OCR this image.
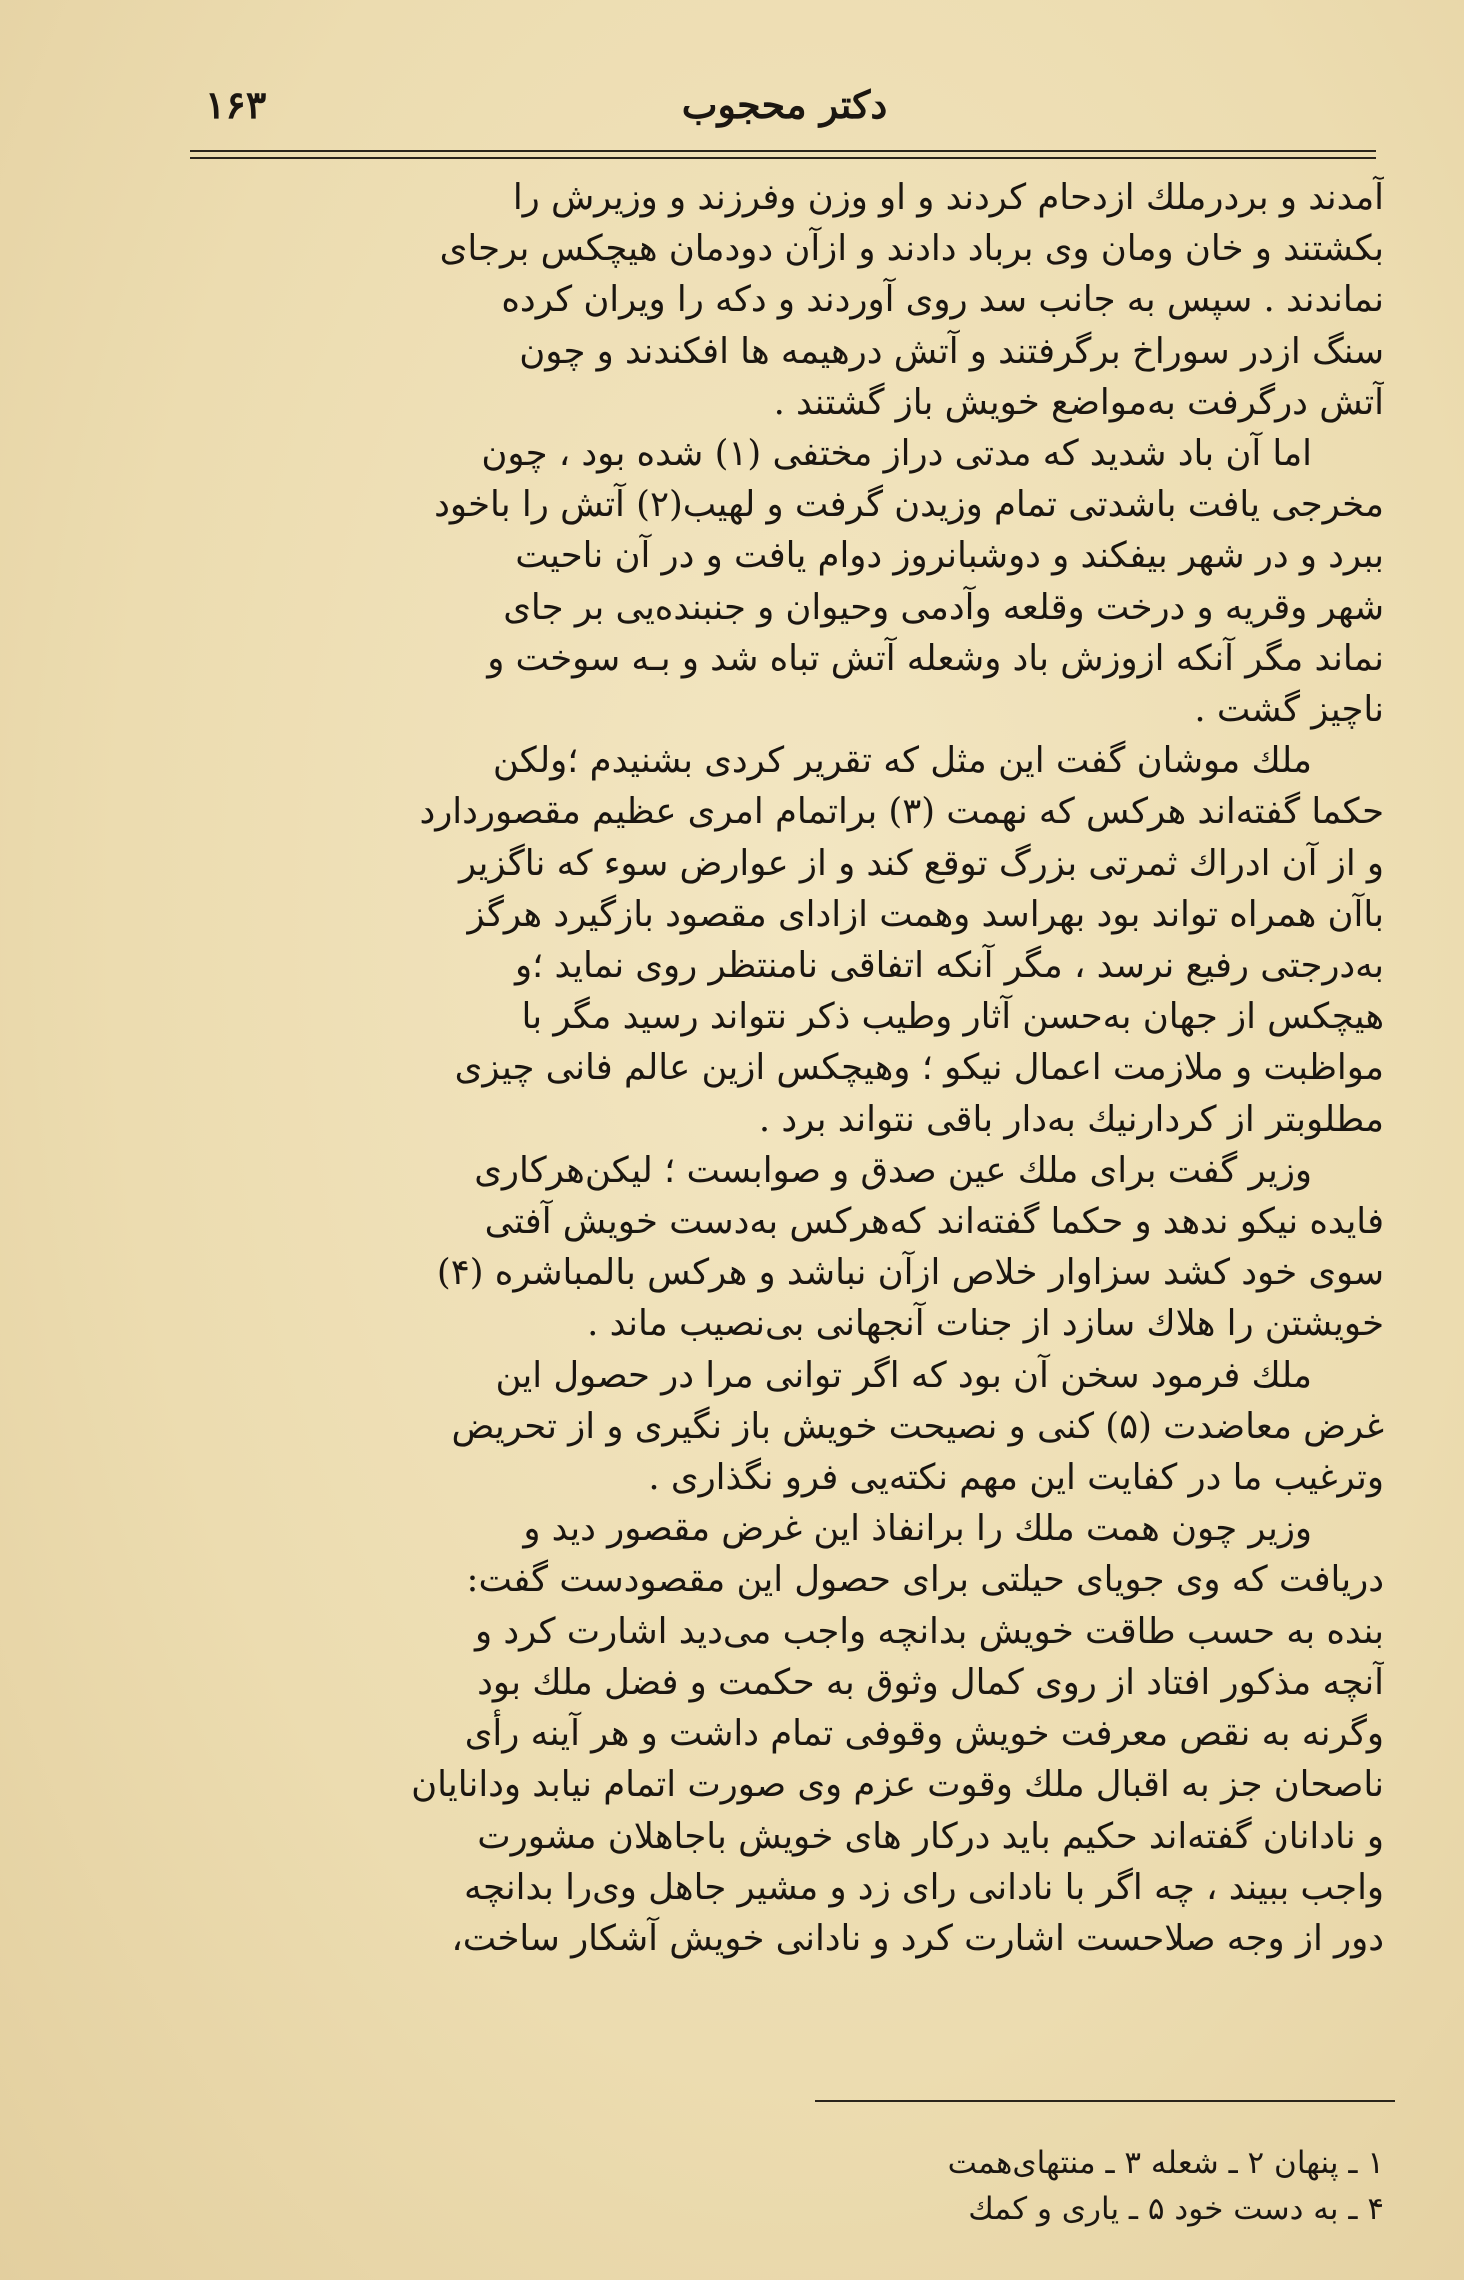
۱۶۳	دکتر محجوب

آمدند و بردرملك ازدحام کردند و او وزن وفرزند و وزیرش را
بکشتند و خان ومان وی برباد دادند و ازآن دودمان هیچکس برجای
نماندند . سپس به جانب سد روی آوردند و دکه را ویران کرده
سنگ ازدر سوراخ برگرفتند و آتش درهیمه ها افکندند و چون
آتش درگرفت به‌مواضع خویش باز گشتند .

اما آن باد شدید که مدتی دراز مختفی (۱) شده بود ، چون
مخرجی یافت باشدتی تمام وزیدن گرفت و لهیب(۲) آتش را باخود
ببرد و در شهر بیفکند و دوشبانروز دوام یافت و در آن ناحیت
شهر وقریه و درخت وقلعه وآدمی وحیوان و جنبنده‌یی بر جای
نماند مگر آنکه ازوزش باد وشعله آتش تباه شد و بـه سوخت و
ناچیز گشت .

ملك موشان گفت این مثل که تقریر کردی بشنیدم ؛ولکن
حکما گفته‌اند هرکس که نهمت (۳) براتمام امری عظیم مقصوردارد
و از آن ادراك ثمرتی بزرگ توقع کند و از عوارض سوء که ناگزیر
باآن همراه تواند بود بهراسد وهمت ازادای مقصود بازگیرد هرگز
به‌درجتی رفیع نرسد ، مگر آنکه اتفاقی نامنتظر روی نماید ؛و
هیچکس از جهان به‌حسن آثار وطیب ذکر نتواند رسید مگر با
مواظبت و ملازمت اعمال نیکو ؛ وهیچکس ازین عالم فانی چیزی
مطلوبتر از کردارنیك به‌دار باقی نتواند برد .

وزیر گفت برای ملك عین صدق و صوابست ؛ لیکن‌هرکاری
فایده نیکو ندهد و حکما گفته‌اند که‌هرکس به‌دست خویش آفتی
سوی خود کشد سزاوار خلاص ازآن نباشد و هرکس بالمباشره (۴)
خویشتن را هلاك سازد از جنات آنجهانی بی‌نصیب ماند .

ملك فرمود سخن آن بود که اگر توانی مرا در حصول این
غرض معاضدت (۵) کنی و نصیحت خویش باز نگیری و از تحریض
وترغیب ما در کفایت این مهم نکته‌یی فرو نگذاری .

وزیر چون همت ملك را برانفاذ این غرض مقصور دید و
دریافت که وی جویای حیلتی برای حصول این مقصودست گفت:
بنده به حسب طاقت خویش بدانچه واجب می‌دید اشارت کرد و
آنچه مذکور افتاد از روی کمال وثوق به حکمت و فضل ملك بود
وگرنه به نقص معرفت خویش وقوفی تمام داشت و هر آینه رأی
ناصحان جز به اقبال ملك وقوت عزم وی صورت اتمام نیابد ودانایان
و نادانان گفته‌اند حکیم باید درکار های خویش باجاهلان مشورت
واجب ببیند ، چه اگر با نادانی رای زد و مشیر جاهل وی‌را بدانچه
دور از وجه صلاحست اشارت کرد و نادانی خویش آشکار ساخت،

۱ ـ پنهان ۲ ـ شعله ۳ ـ منتهای‌همت
۴ ـ به دست خود ۵ ـ یاری و کمك
